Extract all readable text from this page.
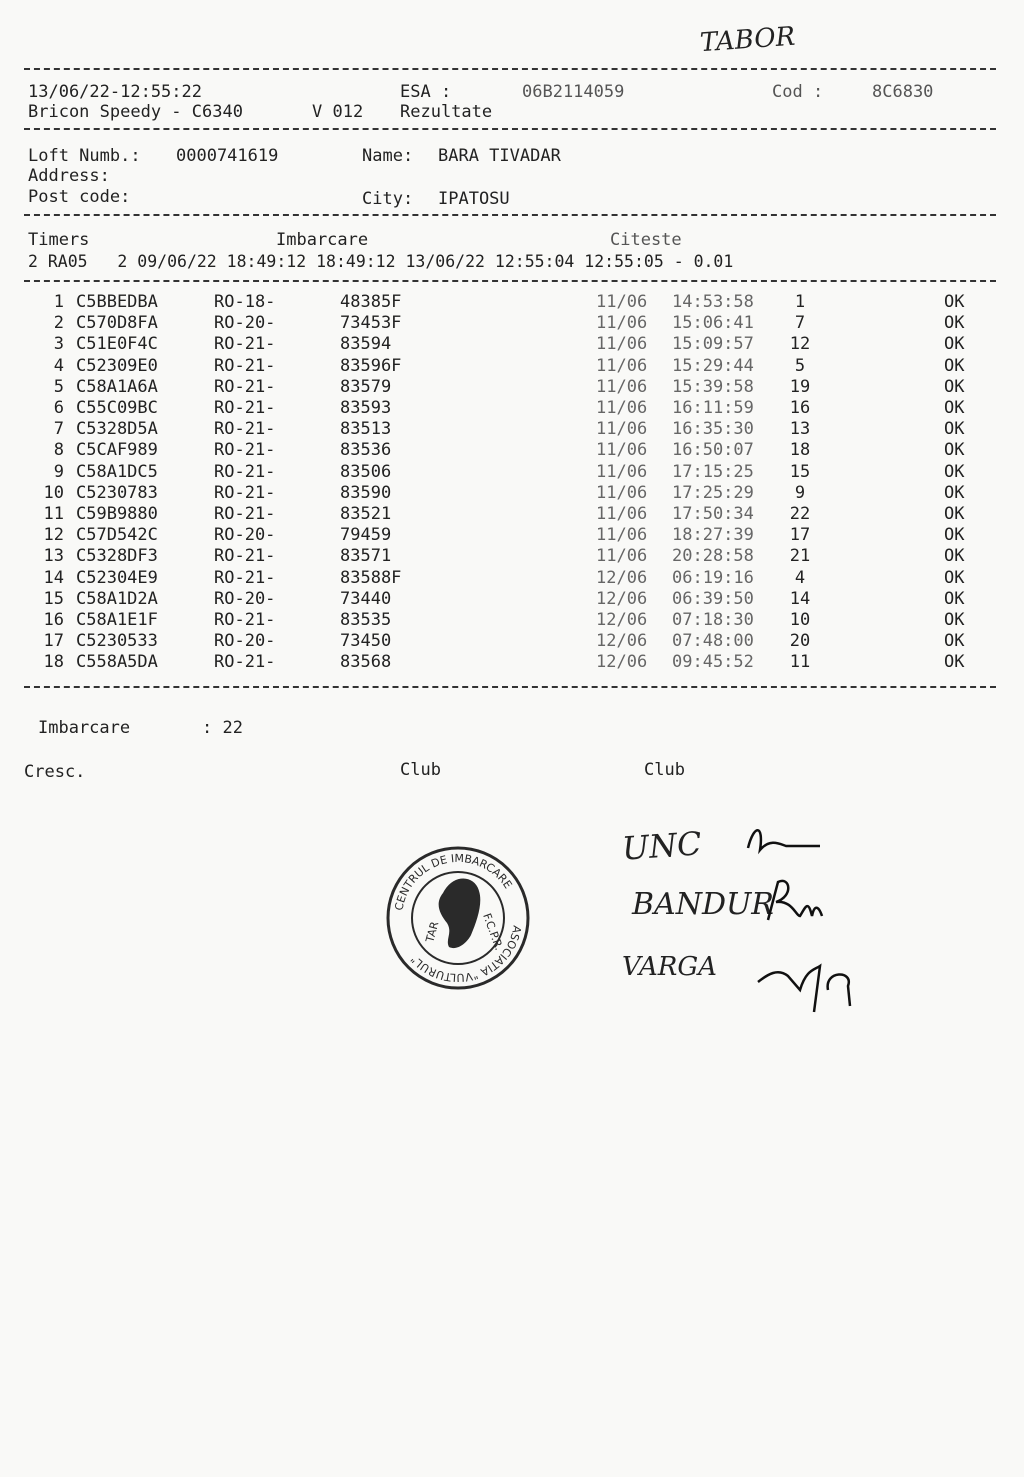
TABOR
13/06/22-12:55:22	ESA :	06B2114059	Cod :	8C6830
Bricon Speedy - C6340	V 012 Rezultate
Loft Numb.: 0000741619	Name: BARA TIVADAR
Address:
Post code:	City: IPATOSU
Timers	Imbarcare	Citeste
2 RA05   2 09/06/22 18:49:12 18:49:12 13/06/22 12:55:04 12:55:05 - 0.01
1 C5BBEDBA	RO-18-	48385F	11/06 14:53:58	1	OK
2 C570D8FA	RO-20-	73453F	11/06 15:06:41	7	OK
3 C51E0F4C	RO-21-	83594	11/06 15:09:57	12	OK
4 C52309E0	RO-21-	83596F	11/06 15:29:44	5	OK
5 C58A1A6A	RO-21-	83579	11/06 15:39:58	19	OK
6 C55C09BC	RO-21-	83593	11/06 16:11:59	16	OK
7 C5328D5A	RO-21-	83513	11/06 16:35:30	13	OK
8 C5CAF989	RO-21-	83536	11/06 16:50:07	18	OK
9 C58A1DC5	RO-21-	83506	11/06 17:15:25	15	OK
10 C5230783	RO-21-	83590	11/06 17:25:29	9	OK
11 C59B9880	RO-21-	83521	11/06 17:50:34	22	OK
12 C57D542C	RO-20-	79459	11/06 18:27:39	17	OK
13 C5328DF3	RO-21-	83571	11/06 20:28:58	21	OK
14 C52304E9	RO-21-	83588F	12/06 06:19:16	4	OK
15 C58A1D2A	RO-20-	73440	12/06 06:39:50	14	OK
16 C58A1E1F	RO-21-	83535	12/06 07:18:30	10	OK
17 C5230533	RO-20-	73450	12/06 07:48:00	20	OK
18 C558A5DA	RO-21-	83568	12/06 09:45:52	11	OK
Imbarcare	: 22
Cresc.	Club	Club
CENTRUL DE IMBARCARE
ASOCIATIA "VULTURUL"
F.C.P.R.
TAR
UNC
BANDUR
VARGA
